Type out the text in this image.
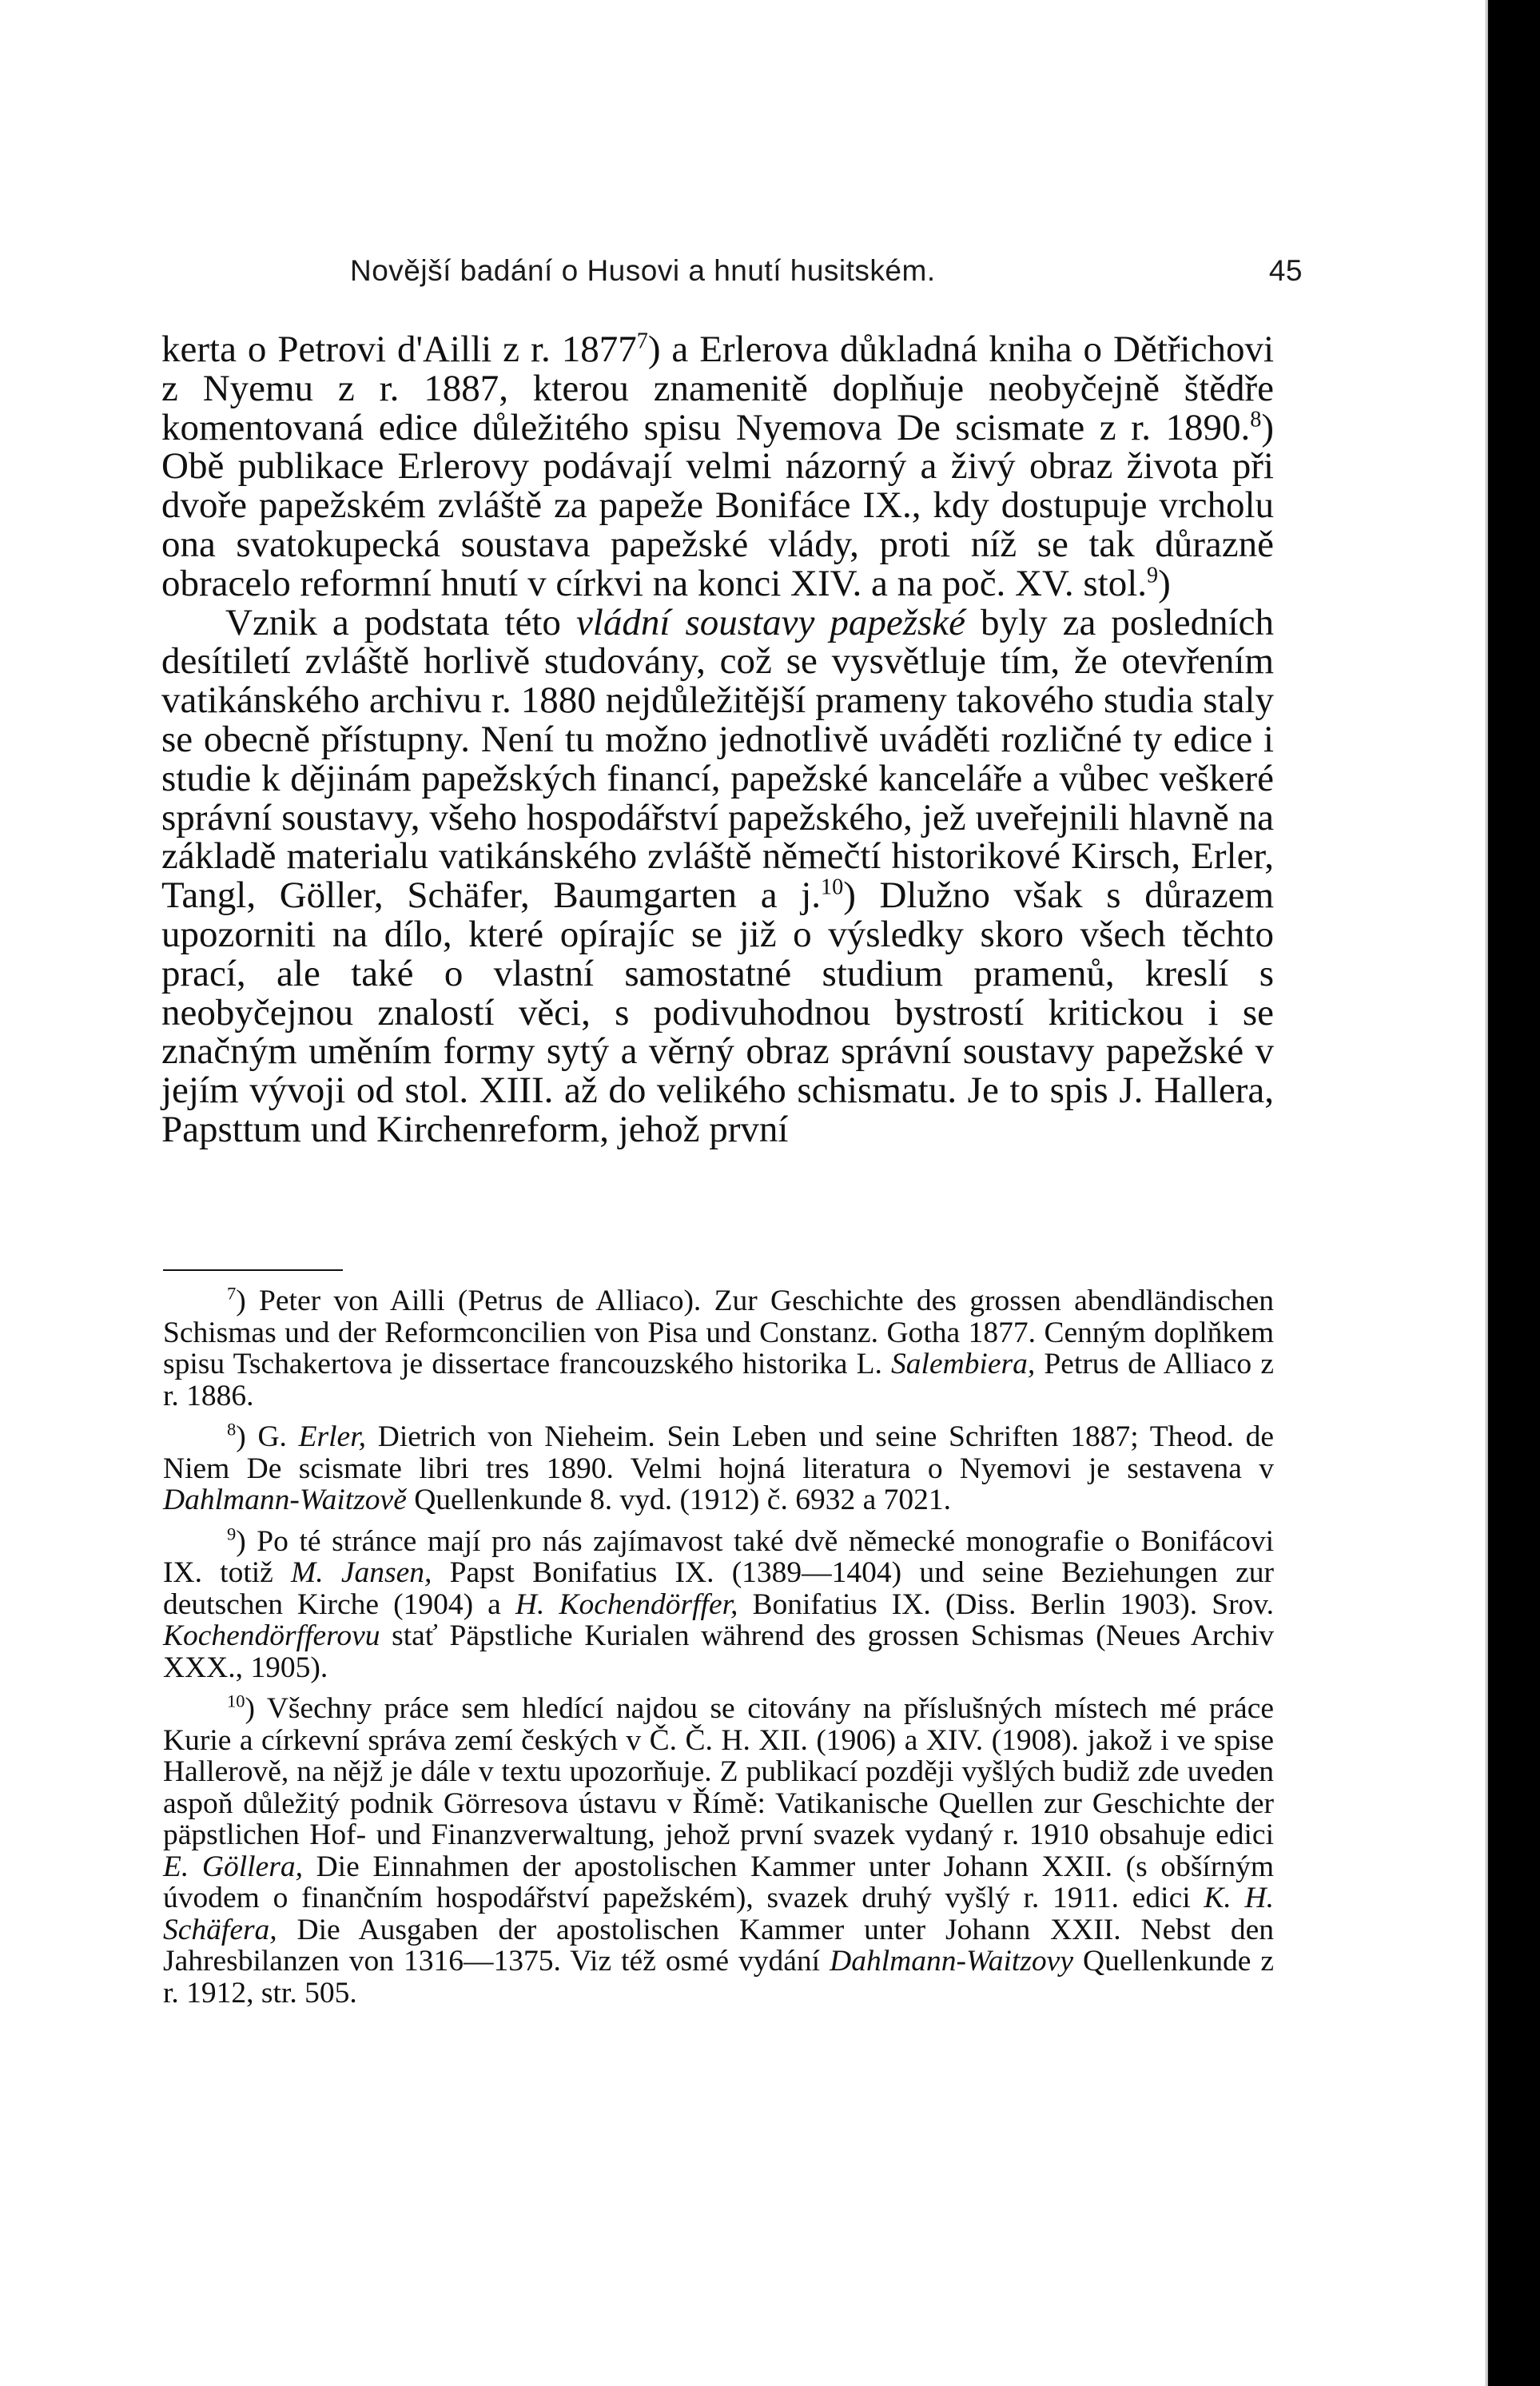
Novější badání o Husovi a hnutí husitském.	45

kerta o Petrovi d'Ailli z r. 1877$^7$) a Erlerova důkladná kniha o Dětřichovi z Nyemu z r. 1887, kterou znamenitě doplňuje neobyčejně štědře komentovaná edice důležitého spisu Nyemova De scismate z r. 1890.$^8$) Obě publikace Erlerovy podávají velmi názorný a živý obraz života při dvoře papežském zvláště za papeže Bonifáce IX., kdy dostupuje vrcholu ona svatokupecká soustava papežské vlády, proti níž se tak důrazně obracelo reformní hnutí v církvi na konci XIV. a na poč. XV. stol.$^9$)

Vznik a podstata této vládní soustavy papežské byly za posledních desítiletí zvláště horlivě studovány, což se vysvětluje tím, že otevřením vatikánského archivu r. 1880 nejdůležitější prameny takového studia staly se obecně přístupny. Není tu možno jednotlivě uváděti rozličné ty edice i studie k dějinám papežských financí, papežské kanceláře a vůbec veškeré správní soustavy, všeho hospodářství papežského, jež uveřejnili hlavně na základě materialu vatikánského zvláště němečtí historikové Kirsch, Erler, Tangl, Göller, Schäfer, Baumgarten a j.$^{10}$) Dlužno však s důrazem upozorniti na dílo, které opírajíc se již o výsledky skoro všech těchto prací, ale také o vlastní samostatné studium pramenů, kreslí s neobyčejnou znalostí věci, s podivuhodnou bystrostí kritickou i se značným uměním formy sytý a věrný obraz správní soustavy papežské v jejím vývoji od stol. XIII. až do velikého schismatu. Je to spis J. Hallera, Papsttum und Kirchenreform, jehož první

$^7$) Peter von Ailli (Petrus de Alliaco). Zur Geschichte des grossen abendländischen Schismas und der Reformconcilien von Pisa und Constanz. Gotha 1877. Cenným doplňkem spisu Tschakertova je dissertace francouzského historika L. Salembiera, Petrus de Alliaco z r. 1886.

$^8$) G. Erler, Dietrich von Nieheim. Sein Leben und seine Schriften 1887; Theod. de Niem De scismate libri tres 1890. Velmi hojná literatura o Nyemovi je sestavena v Dahlmann-Waitzově Quellenkunde 8. vyd. (1912) č. 6932 a 7021.

$^9$) Po té stránce mají pro nás zajímavost také dvě německé monografie o Bonifácovi IX. totiž M. Jansen, Papst Bonifatius IX. (1389—1404) und seine Beziehungen zur deutschen Kirche (1904) a H. Kochendörffer, Bonifatius IX. (Diss. Berlin 1903). Srov. Kochendörfferovu stať Päpstliche Kurialen während des grossen Schismas (Neues Archiv XXX., 1905).

$^{10}$) Všechny práce sem hledící najdou se citovány na příslušných místech mé práce Kurie a církevní správa zemí českých v Č. Č. H. XII. (1906) a XIV. (1908). jakož i ve spise Hallerově, na nějž je dále v textu upozorňuje. Z publikací později vyšlých budiž zde uveden aspoň důležitý podnik Görresova ústavu v Římě: Vatikanische Quellen zur Geschichte der päpstlichen Hof- und Finanzverwaltung, jehož první svazek vydaný r. 1910 obsahuje edici E. Göllera, Die Einnahmen der apostolischen Kammer unter Johann XXII. (s obšírným úvodem o finančním hospodářství papežském), svazek druhý vyšlý r. 1911. edici K. H. Schäfera, Die Ausgaben der apostolischen Kammer unter Johann XXII. Nebst den Jahresbilanzen von 1316—1375. Viz též osmé vydání Dahlmann-Waitzovy Quellenkunde z r. 1912, str. 505.
